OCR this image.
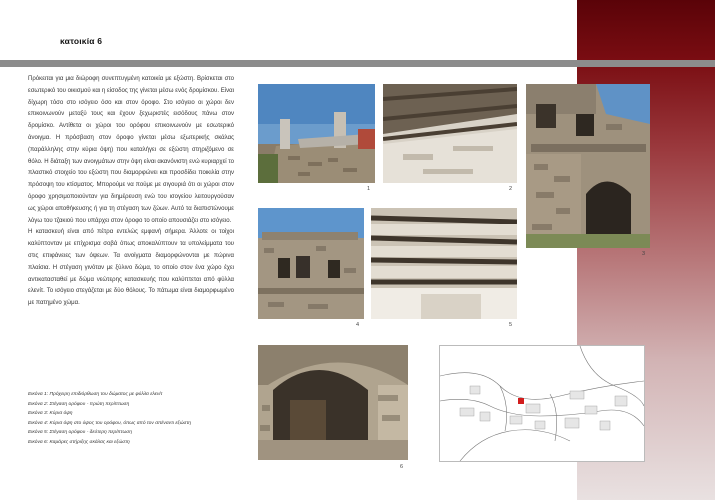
κατοικία 6

Πρόκειται για μια διώροφη συνεπτυγμένη κατοικία με εξώστη. Βρίσκεται στο εσωτερικό του οικισμού και η είσοδος της γίνεται μέσω ενός δρομίσκου. Είναι δίχωρη τόσο στο ισόγειο όσο και στον όροφο. Στο ισόγειο οι χώροι δεν επικοινωνούν μεταξύ τους και έχουν ξεχωριστές εισόδους πάνω στον δρομίσκο. Αντίθετα οι χώροι του ορόφου επικοινωνούν με εσωτερικό άνοιγμα. Η πρόσβαση στον όροφο γίνεται μέσω εξωτερικής σκάλας (παράλληλης στην κύρια όψη) που καταλήγει σε εξώστη στηριζόμενο σε θόλο. Η διάταξη των ανοιγμάτων στην όψη είναι ακανόνιστη ενώ κυριαρχεί το πλαστικό στοιχείο του εξώστη που διαμορφώνει και προσδίδει ποικιλία στην πρόσοψη του κτίσματος. Μπορούμε να πούμε με σιγουριά ότι οι χώροι στον όροφο χρησιμοποιούνταν για διημέρευση ενώ του ισογείου λειτουργούσαν ως χώροι αποθήκευσης ή για τη στέγαση των ζώων. Αυτό τα διαπιστώνουμε λόγω του τζακιού που υπάρχει στον όροφο το οποίο απουσιάζει στο ισόγειο.

Η κατασκευή είναι από πέτρα εντελώς εμφανή σήμερα. Άλλοτε οι τοίχοι καλύπτονταν με επίχρισμα σοβά όπως αποκαλύπτουν τα υπολείμματα του στις επιφάνειες των όψεων. Τα ανοίγματα διαμορφώνονται με πώρινα πλαίσια. Η στέγαση γινόταν με ξύλινο δώμα, το οποίο στον ένα χώρο έχει αντικατασταθεί με δώμα νεώτερης κατασκευής που καλύπτεται από φύλλα ελενίτ. Το ισόγειο στεγάζεται με δύο θόλους. Το πάτωμα είναι διαμορφωμένο με πατημένο χώμα.

Εικόνα 1: Πρόχειρη επιδιόρθωση του δώματος με φύλλα ελενίτ
Εικόνα 2: Στέγαση ορόφου - πρώτη περίπτωση
Εικόνα 3: Κύρια όψη
Εικόνα 4: Κύρια όψη στο ύψος του ορόφου, όπως από τον απέναντι εξώστη
Εικόνα 5: Στέγαση ορόφου - δεύτερη περίπτωση
Εικόνα 6: Καμάρες στήριξης σκάλας και εξώστη
1	2
3
4	5
6
